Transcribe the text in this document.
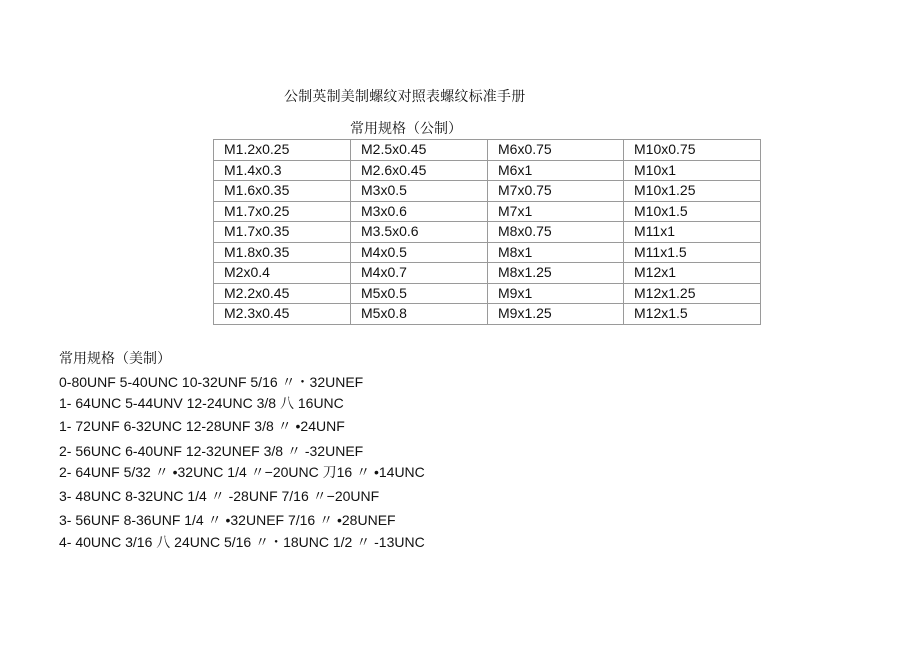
公制英制美制螺纹对照表螺纹标准手册
常用规格（公制）
M1.2x0.25	M2.5x0.45	M6x0.75	M10x0.75
M1.4x0.3	M2.6x0.45	M6x1	M10x1
M1.6x0.35	M3x0.5	M7x0.75	M10x1.25
M1.7x0.25	M3x0.6	M7x1	M10x1.5
M1.7x0.35	M3.5x0.6	M8x0.75	M11x1
M1.8x0.35	M4x0.5	M8x1	M11x1.5
M2x0.4	M4x0.7	M8x1.25	M12x1
M2.2x0.45	M5x0.5	M9x1	M12x1.25
M2.3x0.45	M5x0.8	M9x1.25	M12x1.5
常用规格（美制）
0-80UNF 5-40UNC 10-32UNF 5/16 〃・32UNEF
1- 64UNC 5-44UNV 12-24UNC 3/8 八 16UNC
1- 72UNF 6-32UNC 12-28UNF 3/8 〃 •24UNF
2- 56UNC 6-40UNF 12-32UNEF 3/8 〃 -32UNEF
2- 64UNF 5/32 〃 •32UNC 1/4 〃−20UNC 刀16 〃 •14UNC
3- 48UNC 8-32UNC 1/4 〃 -28UNF 7/16 〃−20UNF
3- 56UNF 8-36UNF 1/4 〃 •32UNEF 7/16 〃 •28UNEF
4- 40UNC 3/16 八 24UNC 5/16 〃・18UNC 1/2 〃 -13UNC
